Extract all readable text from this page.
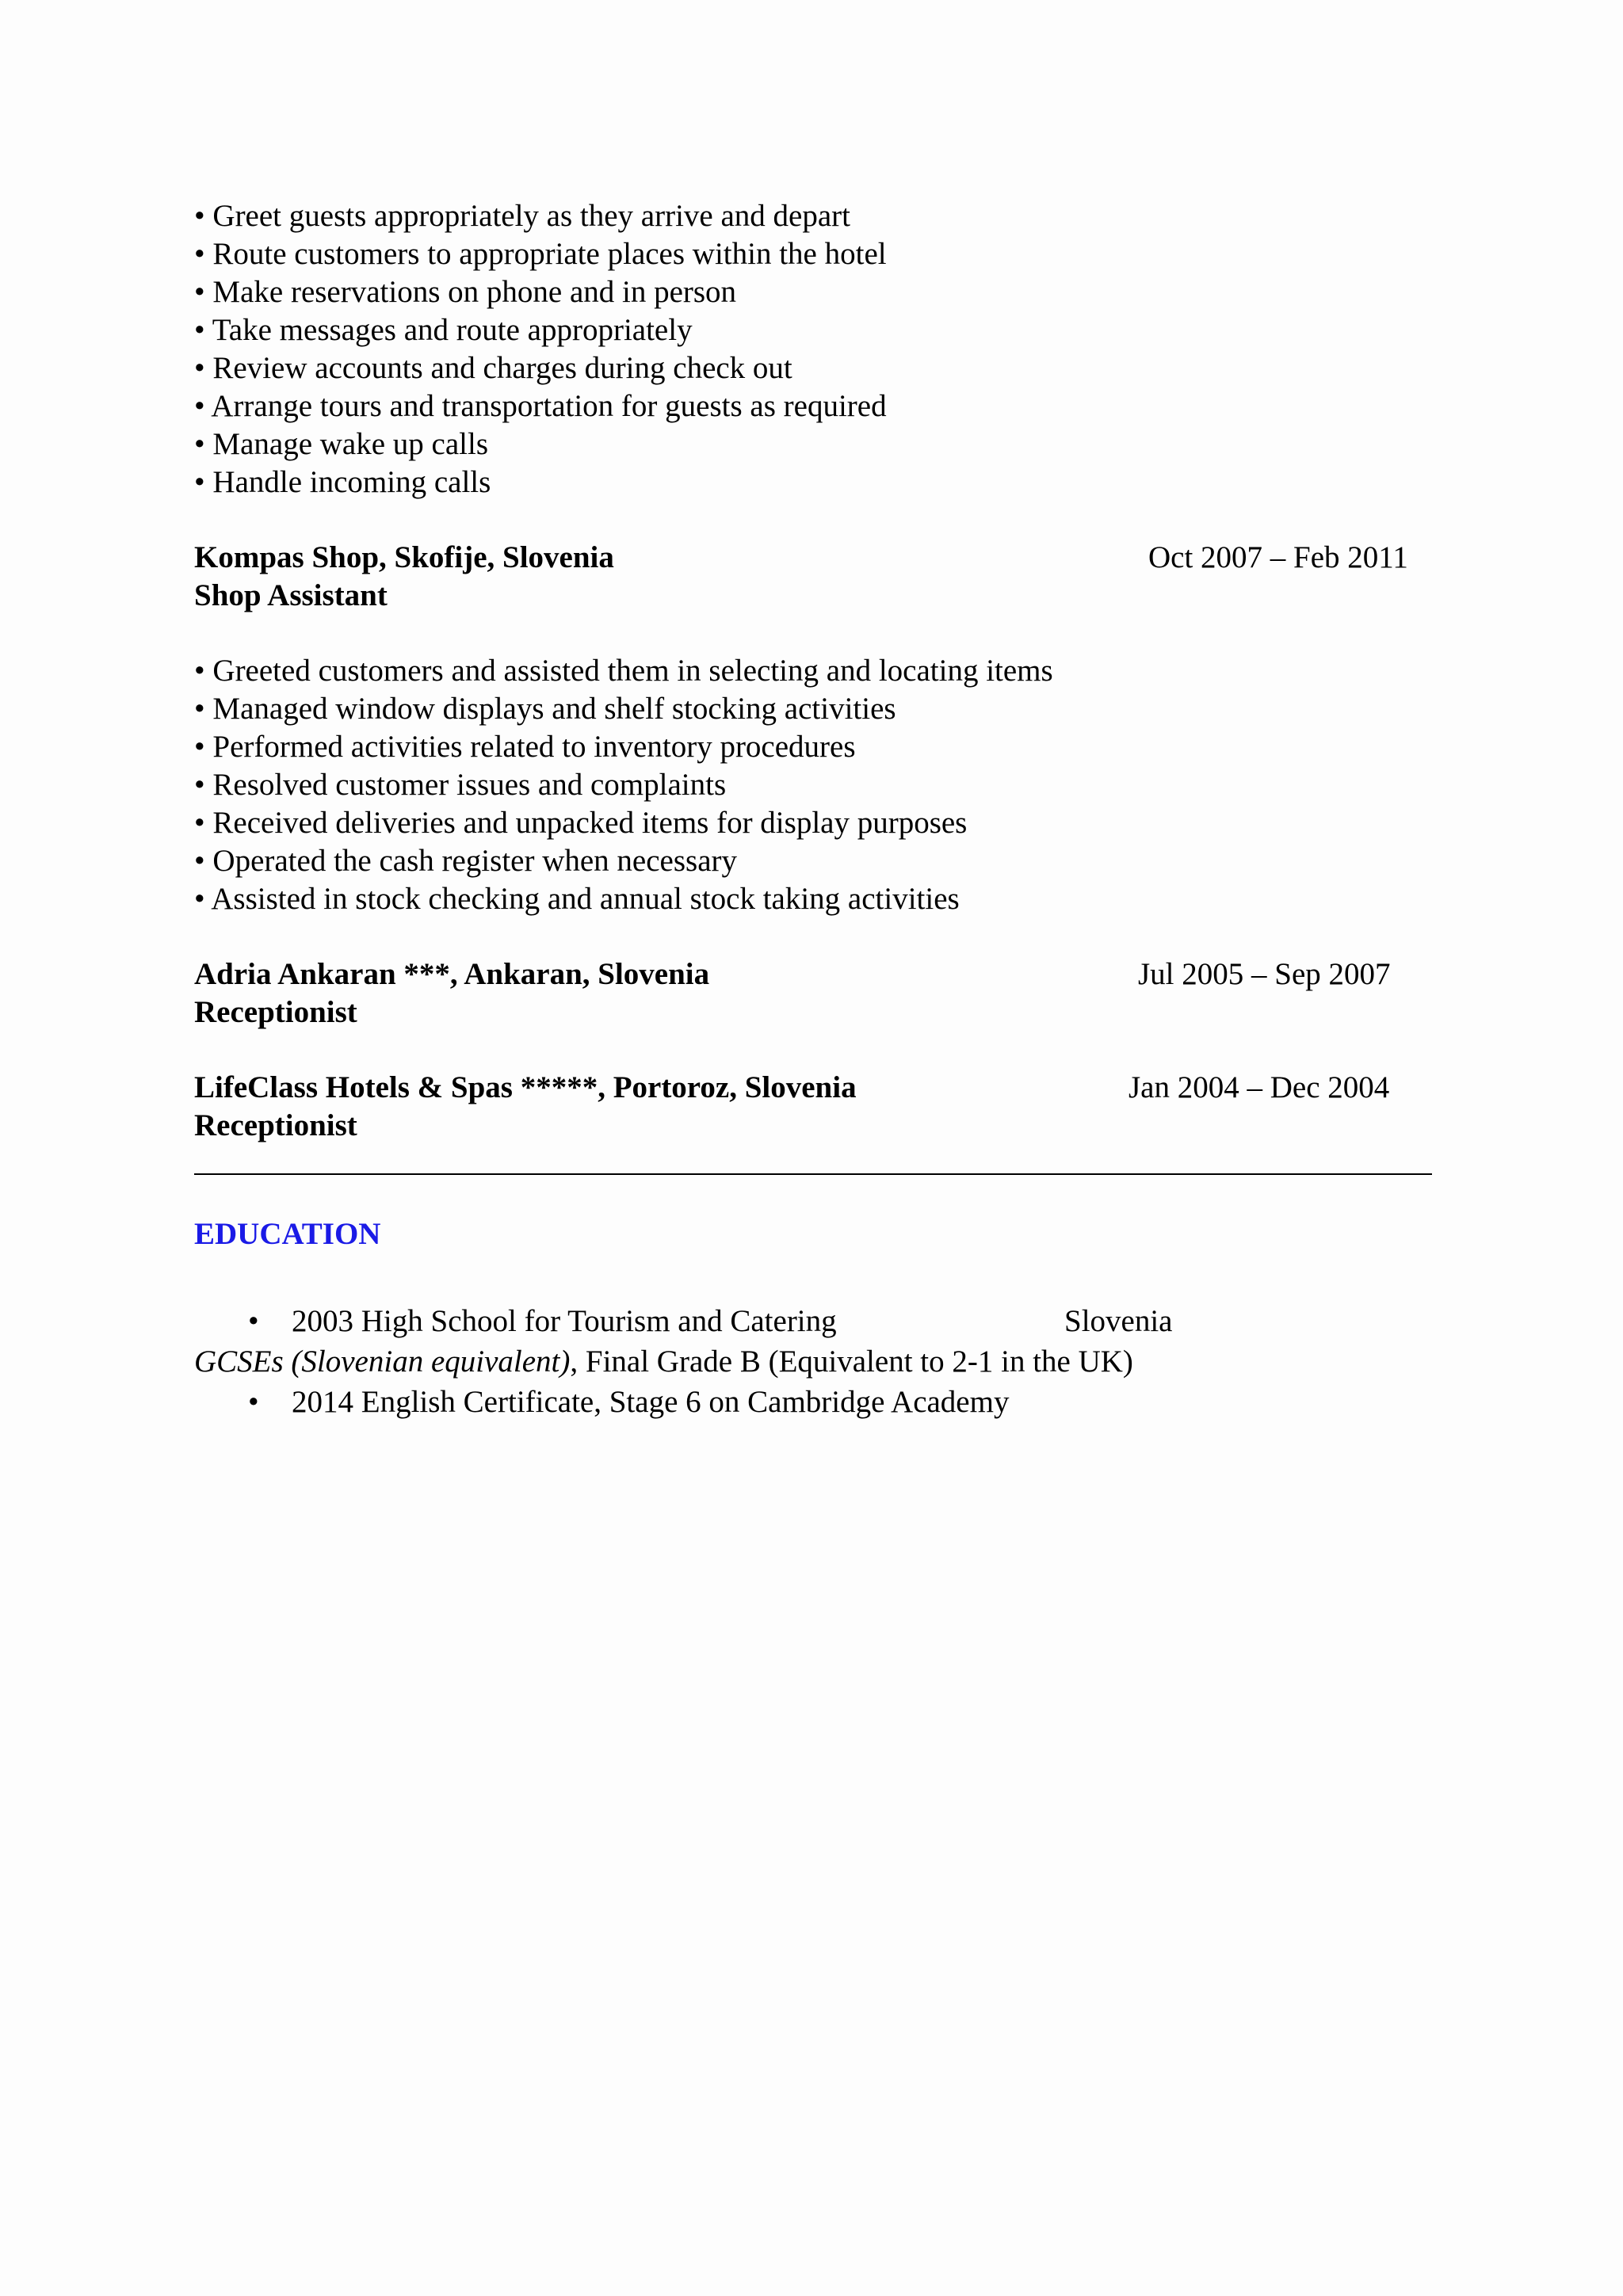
• Greet guests appropriately as they arrive and depart
• Route customers to appropriate places within the hotel
• Make reservations on phone and in person
• Take messages and route appropriately
• Review accounts and charges during check out
• Arrange tours and transportation for guests as required
• Manage wake up calls
• Handle incoming calls
Kompas Shop, Skofije, Slovenia	Oct 2007 – Feb 2011
Shop Assistant
• Greeted customers and assisted them in selecting and locating items
• Managed window displays and shelf stocking activities
• Performed activities related to inventory procedures
• Resolved customer issues and complaints
• Received deliveries and unpacked items for display purposes
• Operated the cash register when necessary
• Assisted in stock checking and annual stock taking activities
Adria Ankaran ***, Ankaran, Slovenia	Jul 2005 – Sep 2007
Receptionist
LifeClass Hotels & Spas *****, Portoroz, Slovenia	Jan 2004 – Dec 2004
Receptionist
EDUCATION
• 2003 High School for Tourism and Catering	Slovenia
GCSEs (Slovenian equivalent), Final Grade B (Equivalent to 2-1 in the UK)
• 2014 English Certificate, Stage 6 on Cambridge Academy
